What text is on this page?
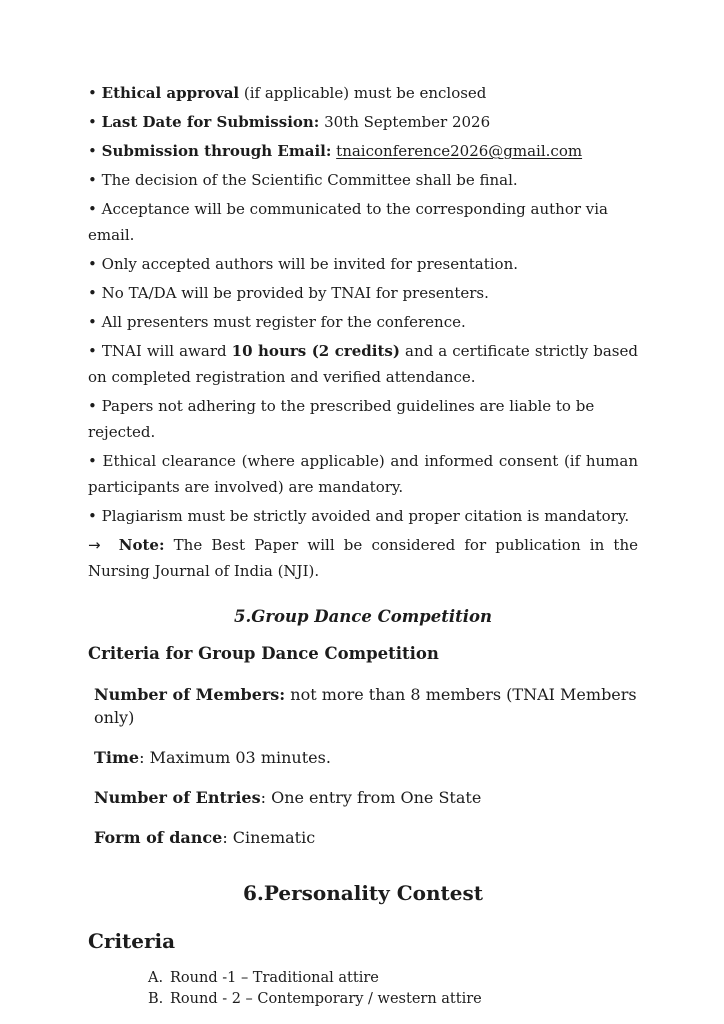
• Ethical approval (if applicable) must be enclosed

• Last Date for Submission: 30th September 2026

• Submission through Email: tnaiconference2026@gmail.com

• The decision of the Scientific Committee shall be final.

• Acceptance will be communicated to the corresponding author via email.

• Only accepted authors will be invited for presentation.

• No TA/DA will be provided by TNAI for presenters.

• All presenters must register for the conference.

• TNAI will award 10 hours (2 credits) and a certificate strictly based on completed registration and verified attendance.

• Papers not adhering to the prescribed guidelines are liable to be rejected.

• Ethical clearance (where applicable) and informed consent (if human participants are involved) are mandatory.

• Plagiarism must be strictly avoided and proper citation is mandatory.

→ Note: The Best Paper will be considered for publication in the Nursing Journal of India (NJI).

5.Group Dance Competition
Criteria for Group Dance Competition

Number of Members: not more than 8 members (TNAI Members only)

Time: Maximum 03 minutes.

Number of Entries: One entry from One State

Form of dance: Cinematic

6.Personality Contest
Criteria

A. Round -1 – Traditional attire

B. Round - 2 – Contemporary / western attire
